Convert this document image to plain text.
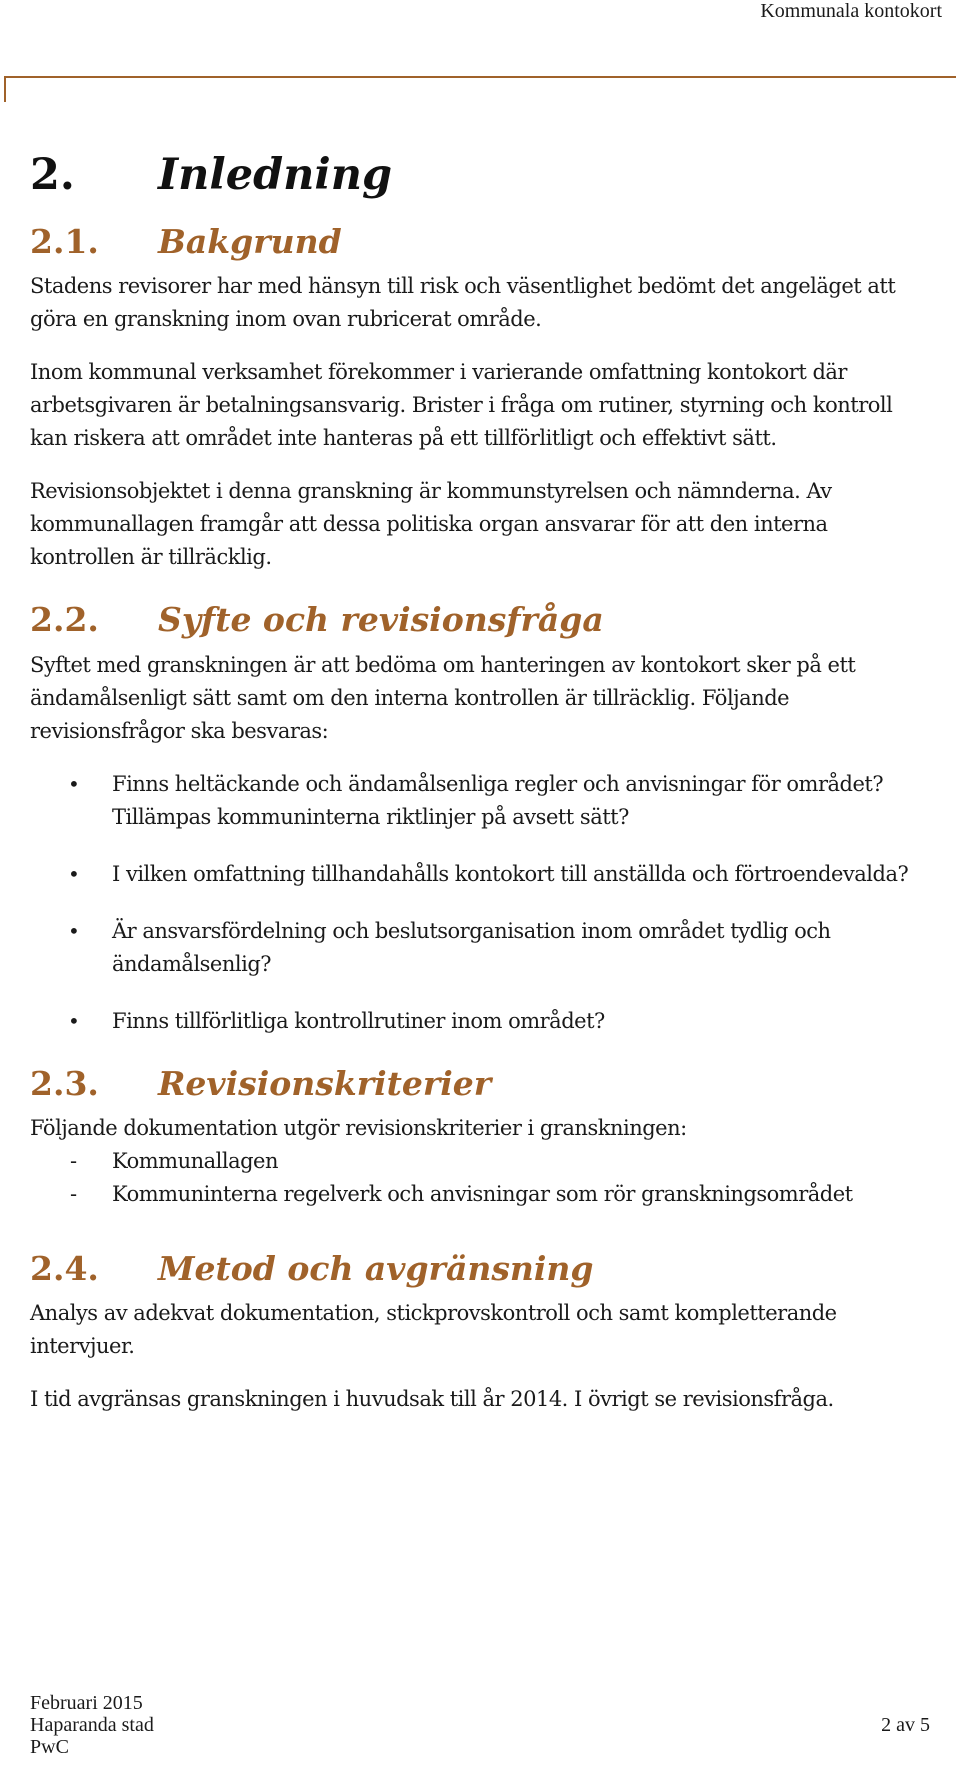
Kommunala kontokort
2.	Inledning
2.1.	Bakgrund

Stadens revisorer har med hänsyn till risk och väsentlighet bedömt det angeläget att göra en granskning inom ovan rubricerat område.

Inom kommunal verksamhet förekommer i varierande omfattning kontokort där arbetsgivaren är betalningsansvarig. Brister i fråga om rutiner, styrning och kontroll kan riskera att området inte hanteras på ett tillförlitligt och effektivt sätt.

Revisionsobjektet i denna granskning är kommunstyrelsen och nämnderna. Av kommunallagen framgår att dessa politiska organ ansvarar för att den interna kontrollen är tillräcklig.

2.2.	Syfte och revisionsfråga

Syftet med granskningen är att bedöma om hanteringen av kontokort sker på ett ändamålsenligt sätt samt om den interna kontrollen är tillräcklig. Följande revisionsfrågor ska besvaras:

• Finns heltäckande och ändamålsenliga regler och anvisningar för området? Tillämpas kommuninterna riktlinjer på avsett sätt?
• I vilken omfattning tillhandahålls kontokort till anställda och förtroendevalda?
• Är ansvarsfördelning och beslutsorganisation inom området tydlig och ändamålsenlig?
• Finns tillförlitliga kontrollrutiner inom området?
2.3.	Revisionskriterier

Följande dokumentation utgör revisionskriterier i granskningen:

- Kommunallagen
- Kommuninterna regelverk och anvisningar som rör granskningsområdet
2.4.	Metod och avgränsning

Analys av adekvat dokumentation, stickprovskontroll och samt kompletterande intervjuer.

I tid avgränsas granskningen i huvudsak till år 2014. I övrigt se revisionsfråga.

Februari 2015
Haparanda stad
PwC
2 av 5
